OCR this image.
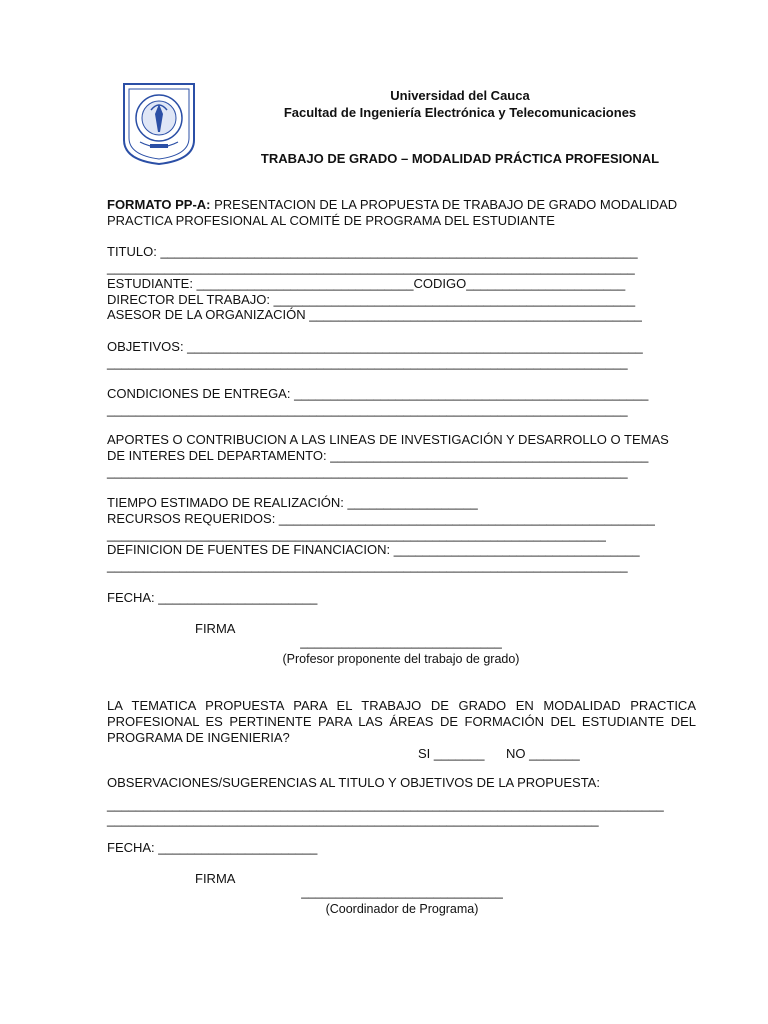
Universidad del Cauca
Facultad de Ingeniería Electrónica y Telecomunicaciones
TRABAJO DE GRADO – MODALIDAD PRÁCTICA PROFESIONAL
FORMATO PP-A: PRESENTACION DE LA PROPUESTA DE TRABAJO DE GRADO MODALIDAD
PRACTICA PROFESIONAL AL COMITÉ DE PROGRAMA DEL ESTUDIANTE
TITULO: __________________________________________________________________
_________________________________________________________________________
ESTUDIANTE: ______________________________CODIGO______________________
DIRECTOR DEL TRABAJO: __________________________________________________
ASESOR DE LA ORGANIZACIÓN ______________________________________________
OBJETIVOS: _______________________________________________________________
________________________________________________________________________
CONDICIONES DE ENTREGA: _________________________________________________
________________________________________________________________________
APORTES O CONTRIBUCION A LAS LINEAS DE INVESTIGACIÓN Y DESARROLLO O TEMAS
DE INTERES DEL DEPARTAMENTO: ____________________________________________
________________________________________________________________________
TIEMPO ESTIMADO DE REALIZACIÓN: __________________
RECURSOS REQUERIDOS: ____________________________________________________
_____________________________________________________________________
DEFINICION DE FUENTES DE FINANCIACION: __________________________________
________________________________________________________________________
FECHA: ______________________
FIRMA
_____________________________
(Profesor proponente del trabajo de grado)
LA TEMATICA PROPUESTA PARA EL TRABAJO DE GRADO EN MODALIDAD PRACTICA PROFESIONAL ES PERTINENTE PARA LAS ÁREAS DE FORMACIÓN DEL ESTUDIANTE DEL PROGRAMA DE INGENIERIA?
SI _______ NO _______
OBSERVACIONES/SUGERENCIAS AL TITULO Y OBJETIVOS DE LA PROPUESTA:
_____________________________________________________________________________
____________________________________________________________________
FECHA: ______________________
FIRMA
_____________________________
(Coordinador de Programa)
